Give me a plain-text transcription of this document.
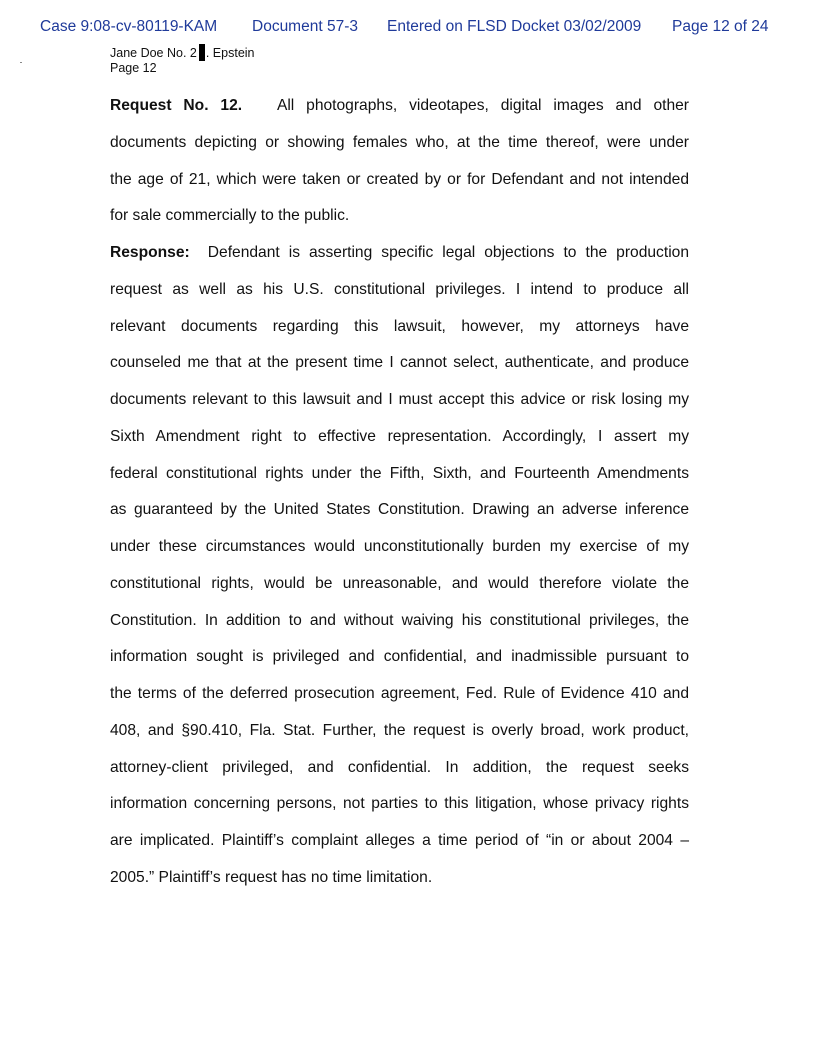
Case 9:08-cv-80119-KAM Document 57-3 Entered on FLSD Docket 03/02/2009 Page 12 of 24
Jane Doe No. 2 . Epstein
Page 12
Request No. 12. All photographs, videotapes, digital images and other
documents depicting or showing females who, at the time thereof, were under
the age of 21, which were taken or created by or for Defendant and not intended
for sale commercially to the public.
Response: Defendant is asserting specific legal objections to the production
request as well as his U.S. constitutional privileges. I intend to produce all
relevant documents regarding this lawsuit, however, my attorneys have
counseled me that at the present time I cannot select, authenticate, and produce
documents relevant to this lawsuit and I must accept this advice or risk losing my
Sixth Amendment right to effective representation. Accordingly, I assert my
federal constitutional rights under the Fifth, Sixth, and Fourteenth Amendments
as guaranteed by the United States Constitution. Drawing an adverse inference
under these circumstances would unconstitutionally burden my exercise of my
constitutional rights, would be unreasonable, and would therefore violate the
Constitution. In addition to and without waiving his constitutional privileges, the
information sought is privileged and confidential, and inadmissible pursuant to
the terms of the deferred prosecution agreement, Fed. Rule of Evidence 410 and
408, and §90.410, Fla. Stat. Further, the request is overly broad, work product,
attorney-client privileged, and confidential. In addition, the request seeks
information concerning persons, not parties to this litigation, whose privacy rights
are implicated. Plaintiff’s complaint alleges a time period of “in or about 2004 –
2005.” Plaintiff’s request has no time limitation.
